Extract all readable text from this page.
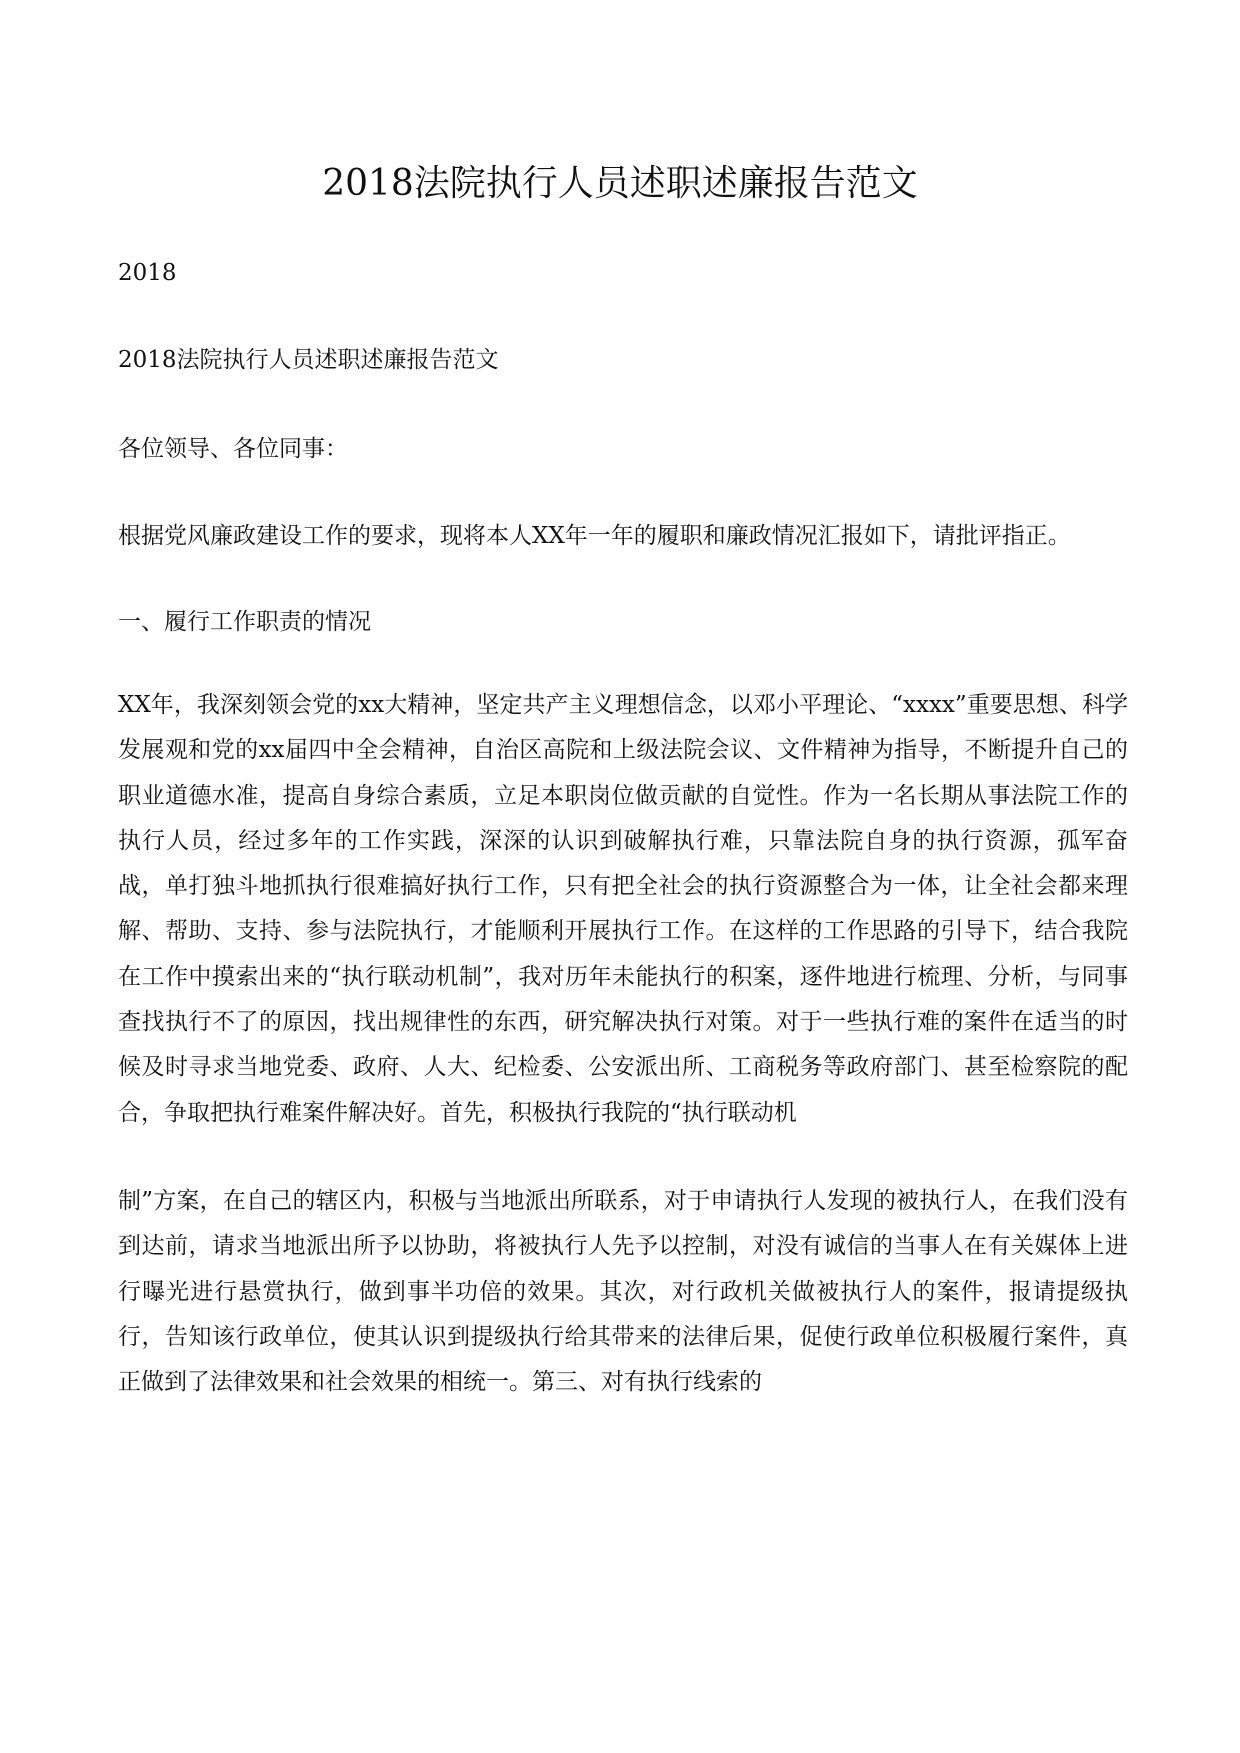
2018法院执行人员述职述廉报告范文

2018

2018法院执行人员述职述廉报告范文

各位领导、各位同事：

根据党风廉政建设工作的要求，现将本人XX年一年的履职和廉政情况汇报如下，请批评指正。

一、履行工作职责的情况

XX年，我深刻领会党的xx大精神，坚定共产主义理想信念，以邓小平理论、“xxxx”重要思想、科学发展观和党的xx届四中全会精神，自治区高院和上级法院会议、文件精神为指导，不断提升自己的职业道德水准，提高自身综合素质，立足本职岗位做贡献的自觉性。作为一名长期从事法院工作的执行人员，经过多年的工作实践，深深的认识到破解执行难，只靠法院自身的执行资源，孤军奋战，单打独斗地抓执行很难搞好执行工作，只有把全社会的执行资源整合为一体，让全社会都来理解、帮助、支持、参与法院执行，才能顺利开展执行工作。在这样的工作思路的引导下，结合我院在工作中摸索出来的“执行联动机制”，我对历年未能执行的积案，逐件地进行梳理、分析，与同事查找执行不了的原因，找出规律性的东西，研究解决执行对策。对于一些执行难的案件在适当的时候及时寻求当地党委、政府、人大、纪检委、公安派出所、工商税务等政府部门、甚至检察院的配合，争取把执行难案件解决好。首先，积极执行我院的“执行联动机

制”方案，在自己的辖区内，积极与当地派出所联系，对于申请执行人发现的被执行人，在我们没有到达前，请求当地派出所予以协助，将被执行人先予以控制，对没有诚信的当事人在有关媒体上进行曝光进行悬赏执行，做到事半功倍的效果。其次，对行政机关做被执行人的案件，报请提级执行，告知该行政单位，使其认识到提级执行给其带来的法律后果，促使行政单位积极履行案件，真正做到了法律效果和社会效果的相统一。第三、对有执行线索的
